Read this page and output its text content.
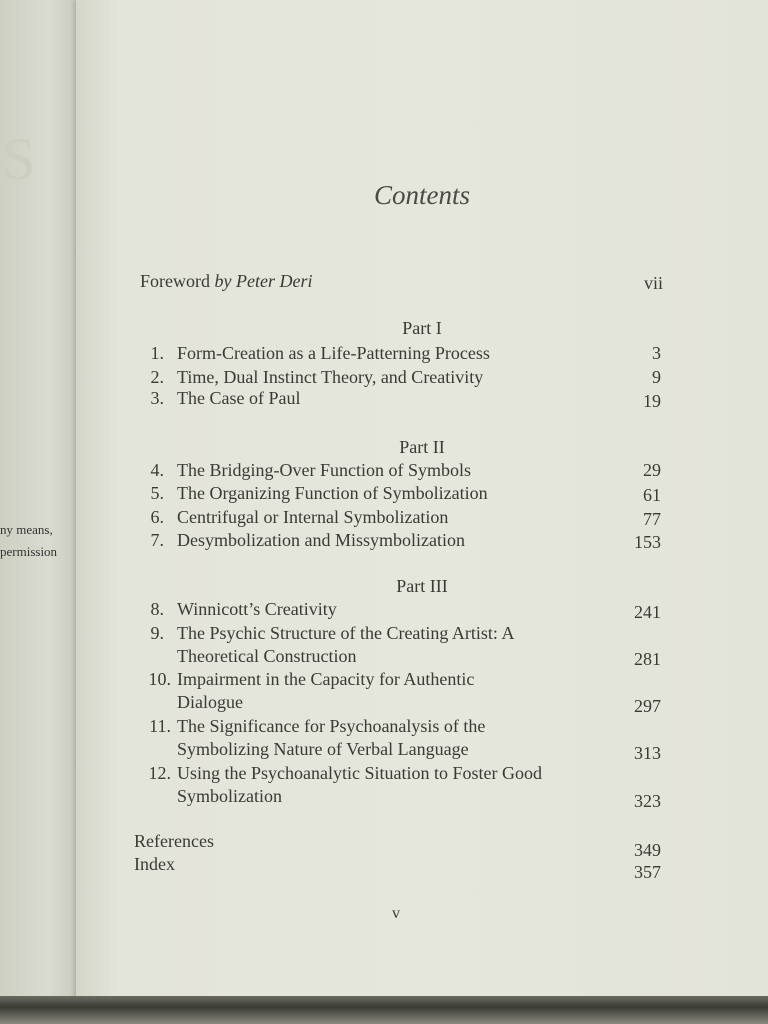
S
ny means,
permission
Contents
Foreword by Peter Deri	vii
Part I
1. Form-Creation as a Life-Patterning Process	3
2. Time, Dual Instinct Theory, and Creativity	9
3. The Case of Paul	19
Part II
4. The Bridging-Over Function of Symbols	29
5. The Organizing Function of Symbolization	61
6. Centrifugal or Internal Symbolization	77
7. Desymbolization and Missymbolization	153
Part III
8. Winnicott’s Creativity	241
9. The Psychic Structure of the Creating Artist: A
Theoretical Construction	281
10. Impairment in the Capacity for Authentic
Dialogue	297
11. The Significance for Psychoanalysis of the
Symbolizing Nature of Verbal Language	313
12. Using the Psychoanalytic Situation to Foster Good
Symbolization	323
References	349
Index	357
v
